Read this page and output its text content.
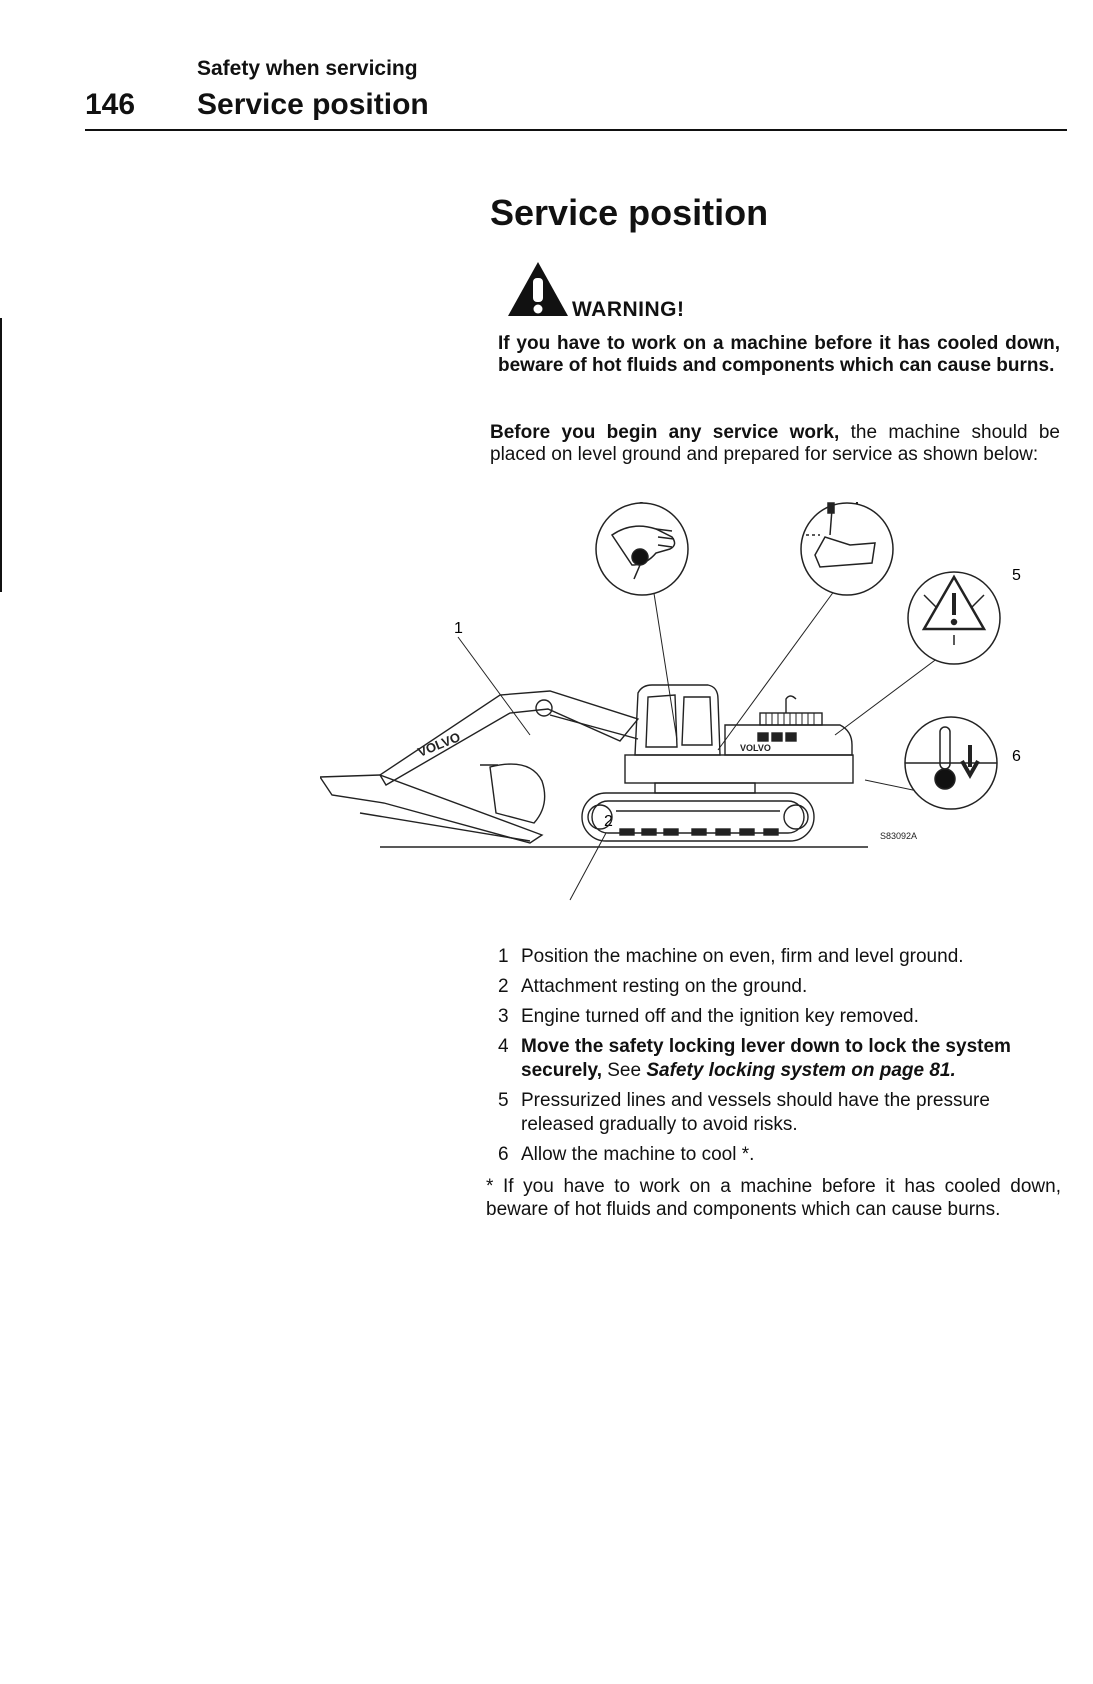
Safety when servicing
146 Service position
Service position
WARNING!
If you have to work on a machine before it has cooled down, beware of hot fluids and components which can cause burns.
Before you begin any service work, the machine should be placed on level ground and prepared for service as shown below:
5
1
6
2
VOLVO	VOLVO
S83092A
1 Position the machine on even, firm and level ground.
2 Attachment resting on the ground.
3 Engine turned off and the ignition key removed.
4 Move the safety locking lever down to lock the system securely, See Safety locking system on page 81.
5 Pressurized lines and vessels should have the pressure released gradually to avoid risks.
6 Allow the machine to cool *.
* If you have to work on a machine before it has cooled down, beware of hot fluids and components which can cause burns.
